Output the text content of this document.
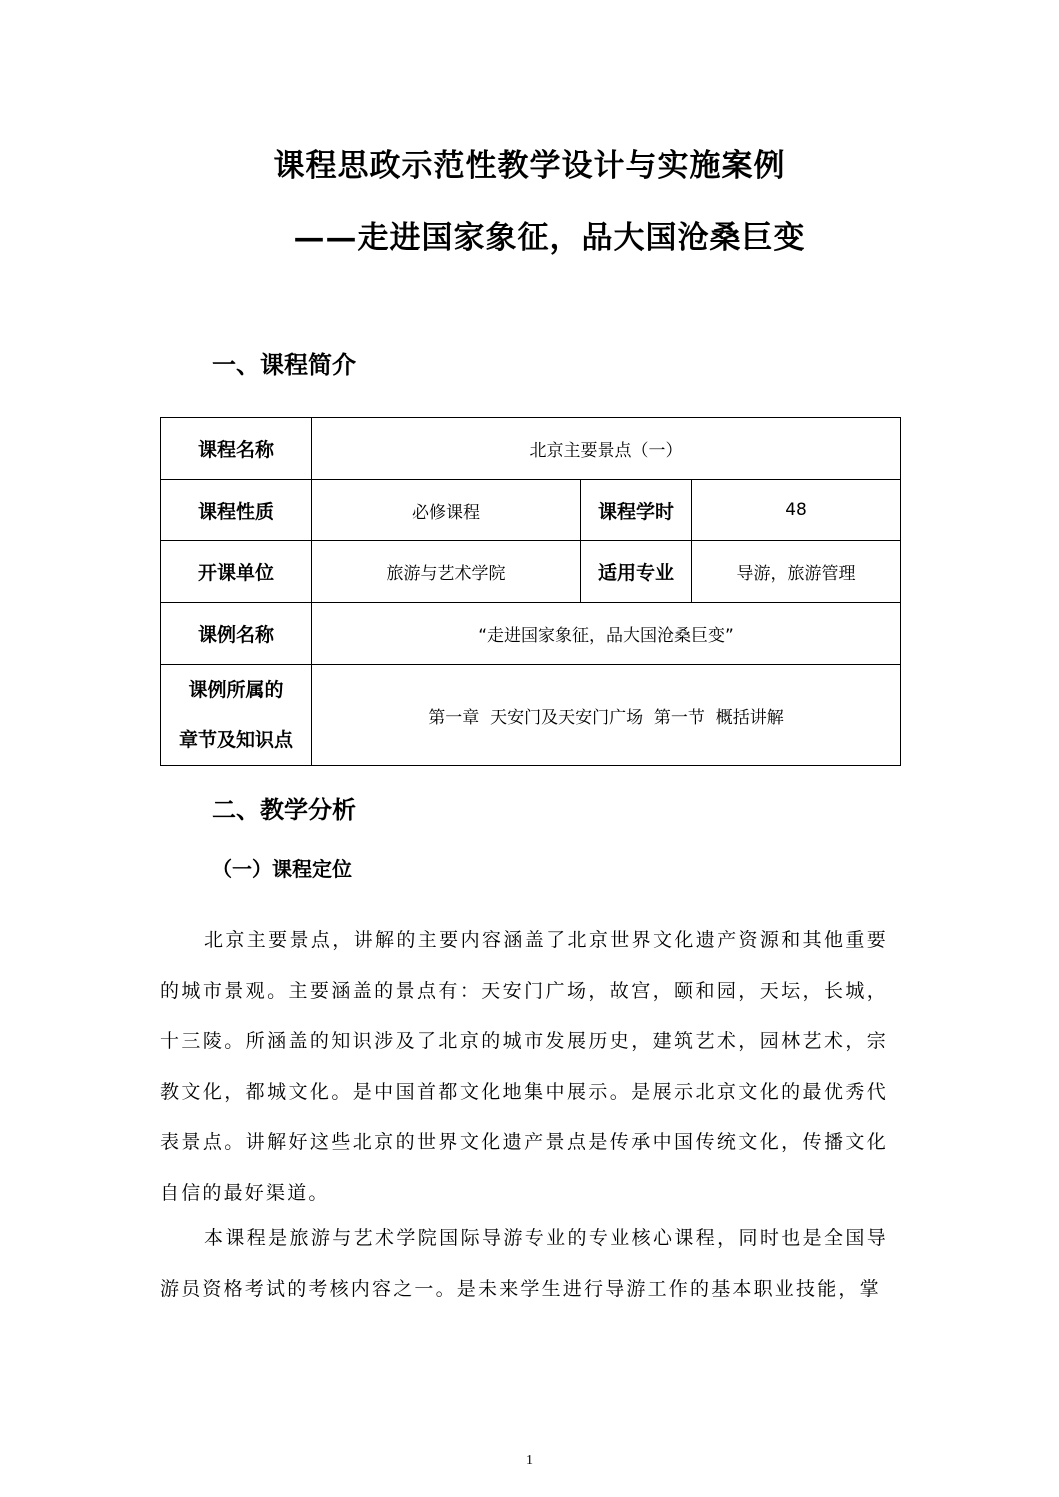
课程思政示范性教学设计与实施案例
——走进国家象征，品大国沧桑巨变
一、课程简介
课程名称	北京主要景点（一）		
课程性质	必修课程	课程学时	48
开课单位	旅游与艺术学院	适用专业	导游，旅游管理
课例名称	“走进国家象征，品大国沧桑巨变”		

课例所属的
章节及知识点	第一章  天安门及天安门广场  第一节  概括讲解		
二、教学分析
（一）课程定位
北京主要景点，讲解的主要内容涵盖了北京世界文化遗产资源和其他重要的城市景观。主要涵盖的景点有：天安门广场，故宫，颐和园，天坛，长城，十三陵。所涵盖的知识涉及了北京的城市发展历史，建筑艺术，园林艺术，宗教文化，都城文化。是中国首都文化地集中展示。是展示北京文化的最优秀代表景点。讲解好这些北京的世界文化遗产景点是传承中国传统文化，传播文化自信的最好渠道。
本课程是旅游与艺术学院国际导游专业的专业核心课程，同时也是全国导游员资格考试的考核内容之一。是未来学生进行导游工作的基本职业技能，掌
1
